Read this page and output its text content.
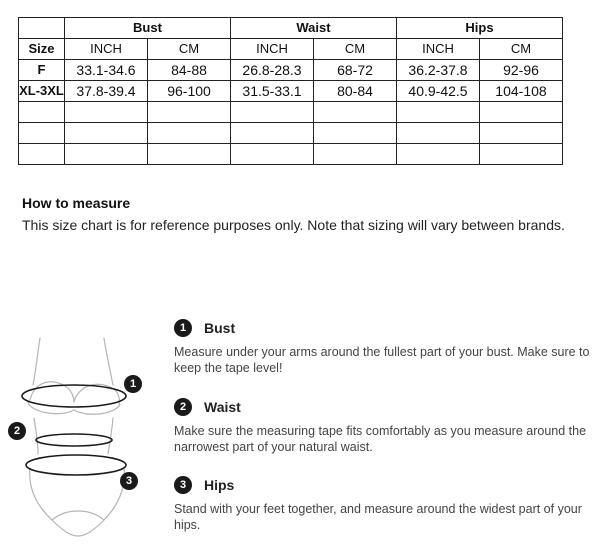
	Bust		Waist		Hips	
Size	INCH	CM	INCH	CM	INCH	CM
F	33.1-34.6	84-88	26.8-28.3	68-72	36.2-37.8	92-96
XL-3XL	37.8-39.4	96-100	31.5-33.1	80-84	40.9-42.5	104-108

How to measure
This size chart is for reference purposes only. Note that sizing will vary between brands.
1
2
3
1	Bust
Measure under your arms around the fullest part of your bust. Make sure to keep the tape level!
2	Waist
Make sure the measuring tape fits comfortably as you measure around the narrowest part of your natural waist.
3	Hips
Stand with your feet together, and measure around the widest part of your hips.
